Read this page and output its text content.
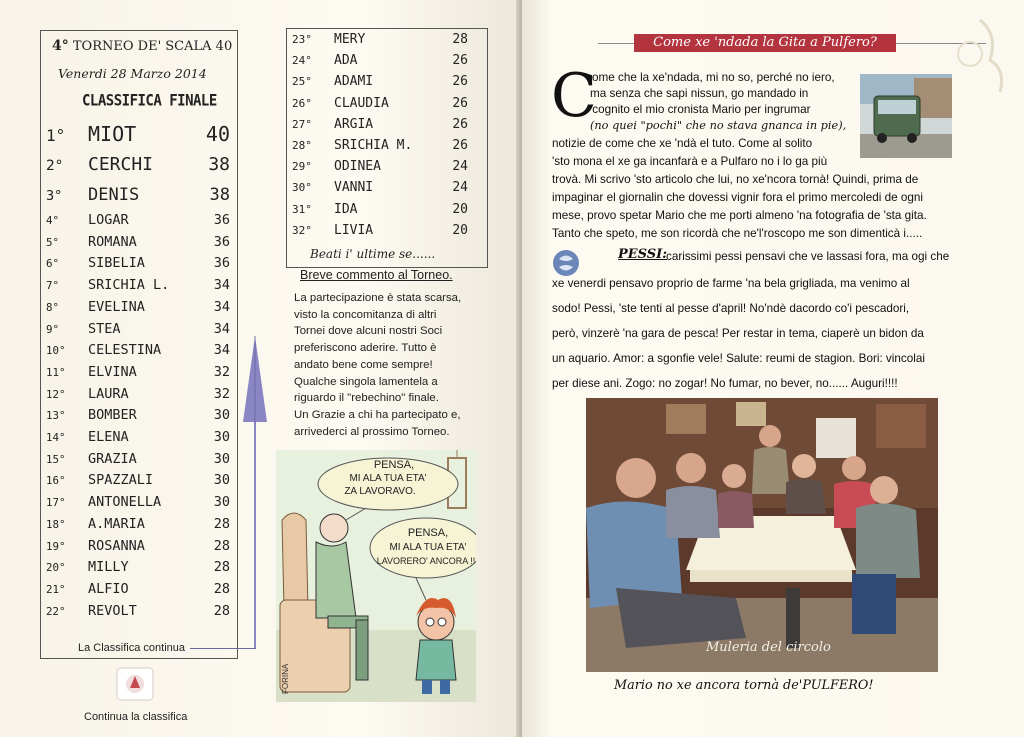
4° TORNEO DE' SCALA 40
Venerdi 28 Marzo 2014
CLASSIFICA FINALE
1°	MIOT	40
2°	CERCHI	38
3°	DENIS	38
4°	LOGAR	36
5°	ROMANA	36
6°	SIBELIA	36
7°	SRICHIA L.	34
8°	EVELINA	34
9°	STEA	34
10°	CELESTINA	34
11°	ELVINA	32
12°	LAURA	32
13°	BOMBER	30
14°	ELENA	30
15°	GRAZIA	30
16°	SPAZZALI	30
17°	ANTONELLA	30
18°	A.MARIA	28
19°	ROSANNA	28
20°	MILLY	28
21°	ALFIO	28
22°	REVOLT	28
La Classifica continua
Continua la classifica
23°	MERY	28
24°	ADA	26
25°	ADAMI	26
26°	CLAUDIA	26
27°	ARGIA	26
28°	SRICHIA M.	26
29°	ODINEA	24
30°	VANNI	24
31°	IDA	20
32°	LIVIA	20
Beati i' ultime se......
Breve commento al Torneo.
La partecipazione è stata scarsa,
visto la concomitanza di altri
Tornei dove alcuni nostri Soci
preferiscono aderire. Tutto è
andato bene come sempre!
Qualche singola lamentela a
riguardo il "rebechino" finale.
Un Grazie a chi ha partecipato e,
arrivederci al prossimo Torneo.
PENSA,
MI ALA TUA ETA'
ZA LAVORAVO.
PENSA,
MI ALA TUA ETA'
LAVORERO' ANCORA !!
FORINA
Come xe 'ndada la Gita a Pulfero?
C
ome che la xe'ndada, mi no so, perché no iero,
ma senza che sapi nissun, go mandado in
'cognito el mio cronista Mario per ingrumar
(no quei "pochi" che no stava gnanca in pie),
notizie de come che xe 'ndà el tuto. Come al solito
'sto mona el xe ga incanfarà e a Pulfaro no i lo ga più
trovà. Mi scrivo 'sto articolo che lui, no xe'ncora tornà! Quindi, prima de
impaginar el giornalin che dovessi vignir fora el primo mercoledi de ogni
mese, provo spetar Mario che me porti almeno 'na fotografia de 'sta gita.
Tanto che speto, me son ricordà che ne'l'roscopo me son dimenticà i.....
PESSI:
carissimi pessi pensavi che ve lassasi fora, ma ogi che
xe venerdi pensavo proprio de farme 'na bela grigliada, ma venimo al
sodo! Pessi, 'ste tenti al pesse d'april! No'ndè dacordo co'i pescadori,
però, vinzerè 'na gara de pesca! Per restar in tema, ciaperè un bidon da
un aquario. Amor: a sgonfie vele! Salute: reumi de stagion. Bori: vincolai
per diese ani. Zogo: no zogar! No fumar, no bever, no...... Auguri!!!!
Muleria del circolo
Mario no xe ancora tornà de'PULFERO!
